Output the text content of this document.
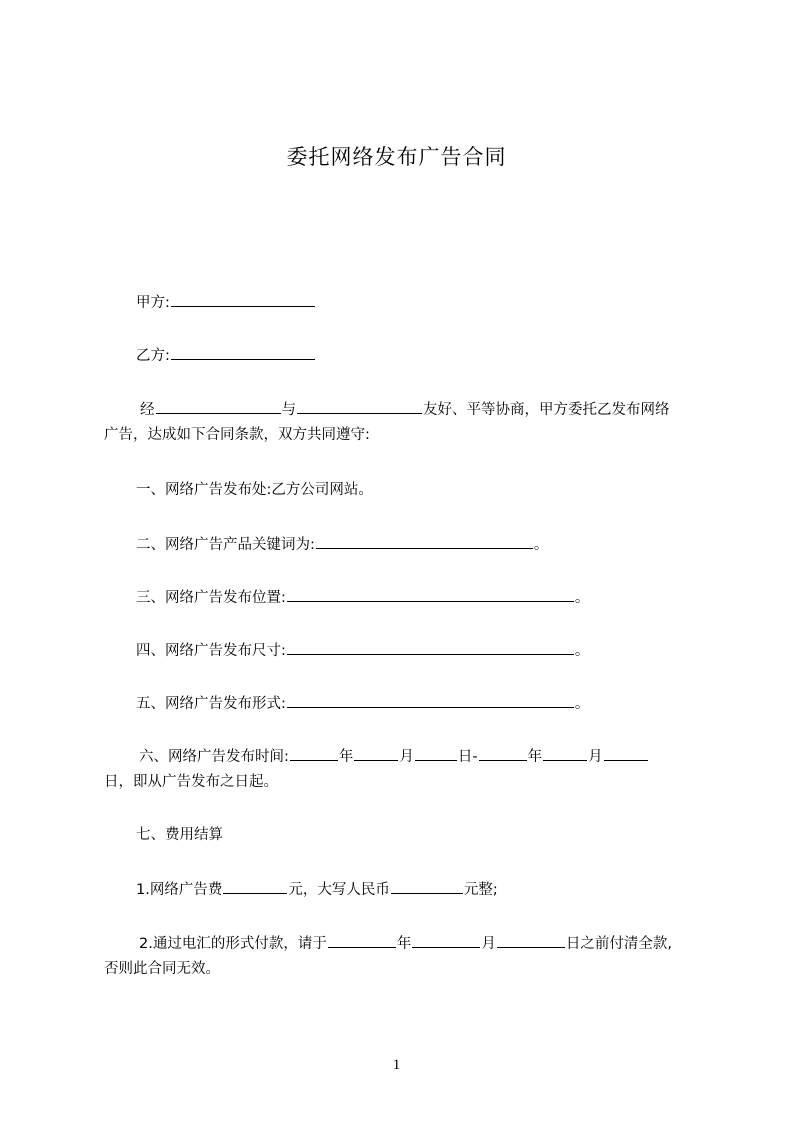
委托网络发布广告合同
甲方:
乙方:
经	与	友好、平等协商，甲方委托乙发布网络
广告，达成如下合同条款，双方共同遵守:
一、网络广告发布处:乙方公司网站。
二、网络广告产品关键词为:	。
三、网络广告发布位置:	。
四、网络广告发布尺寸:	。
五、网络广告发布形式:	。
六、网络广告发布时间:	年	月	日-	年	月
日，即从广告发布之日起。
七、费用结算
1.网络广告费	元，大写人民币	元整;
2.通过电汇的形式付款，请于	年	月	日之前付清全款,
否则此合同无效。
1
